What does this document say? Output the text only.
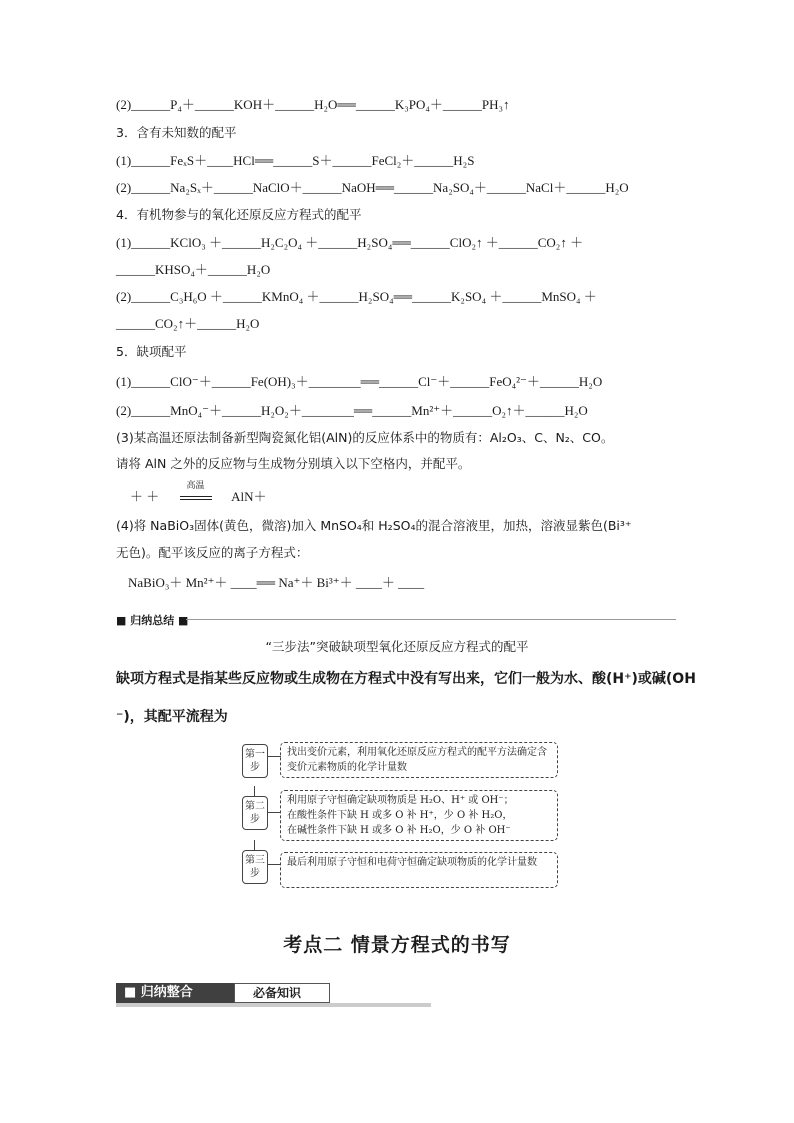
(2)______P₄＋______KOH＋______H₂O══______K₃PO₄＋______PH₃↑
3．含有未知数的配平
(1)______FeₓS＋____HCl══______S＋______FeCl₂＋______H₂S
(2)______Na₂Sₓ＋______NaClO＋______NaOH══______Na₂SO₄＋______NaCl＋______H₂O
4．有机物参与的氧化还原反应方程式的配平
(1)______KClO₃ ＋______H₂C₂O₄ ＋______H₂SO₄══______ClO₂↑ ＋______CO₂↑ ＋
______KHSO₄＋______H₂O
(2)______C₃H₆O ＋______KMnO₄ ＋______H₂SO₄══______K₂SO₄ ＋______MnSO₄ ＋
______CO₂↑＋______H₂O
5．缺项配平
(1)______ClO⁻＋______Fe(OH)₃＋________══______Cl⁻＋______FeO₄²⁻＋______H₂O
(2)______MnO₄⁻＋______H₂O₂＋________══______Mn²⁺＋______O₂↑＋______H₂O
(3)某高温还原法制备新型陶瓷氮化铝(AlN)的反应体系中的物质有：Al₂O₃、C、N₂、CO。
请将 AlN 之外的反应物与生成物分别填入以下空格内，并配平。
＋ ＋
高温
AlN＋
(4)将 NaBiO₃固体(黄色，微溶)加入 MnSO₄和 H₂SO₄的混合溶液里，加热，溶液显紫色(Bi³⁺
无色)。配平该反应的离子方程式：
NaBiO₃＋ Mn²⁺＋ ____══ Na⁺＋ Bi³⁺＋ ____＋ ____
■ 归纳总结 ■
“三步法”突破缺项型氧化还原反应方程式的配平
缺项方程式是指某些反应物或生成物在方程式中没有写出来，它们一般为水、酸(H⁺)或碱(OH
⁻)，其配平流程为
第一步
找出变价元素，利用氧化还原反应方程式的配平方法确定含变价元素物质的化学计量数
第二步
利用原子守恒确定缺项物质是 H₂O、H⁺ 或 OH⁻；
在酸性条件下缺 H 或多 O 补 H⁺，少 O 补 H₂O，
在碱性条件下缺 H 或多 O 补 H₂O，少 O 补 OH⁻
第三步
最后利用原子守恒和电荷守恒确定缺项物质的化学计量数
考点二 情景方程式的书写
■ 归纳整合	必备知识
